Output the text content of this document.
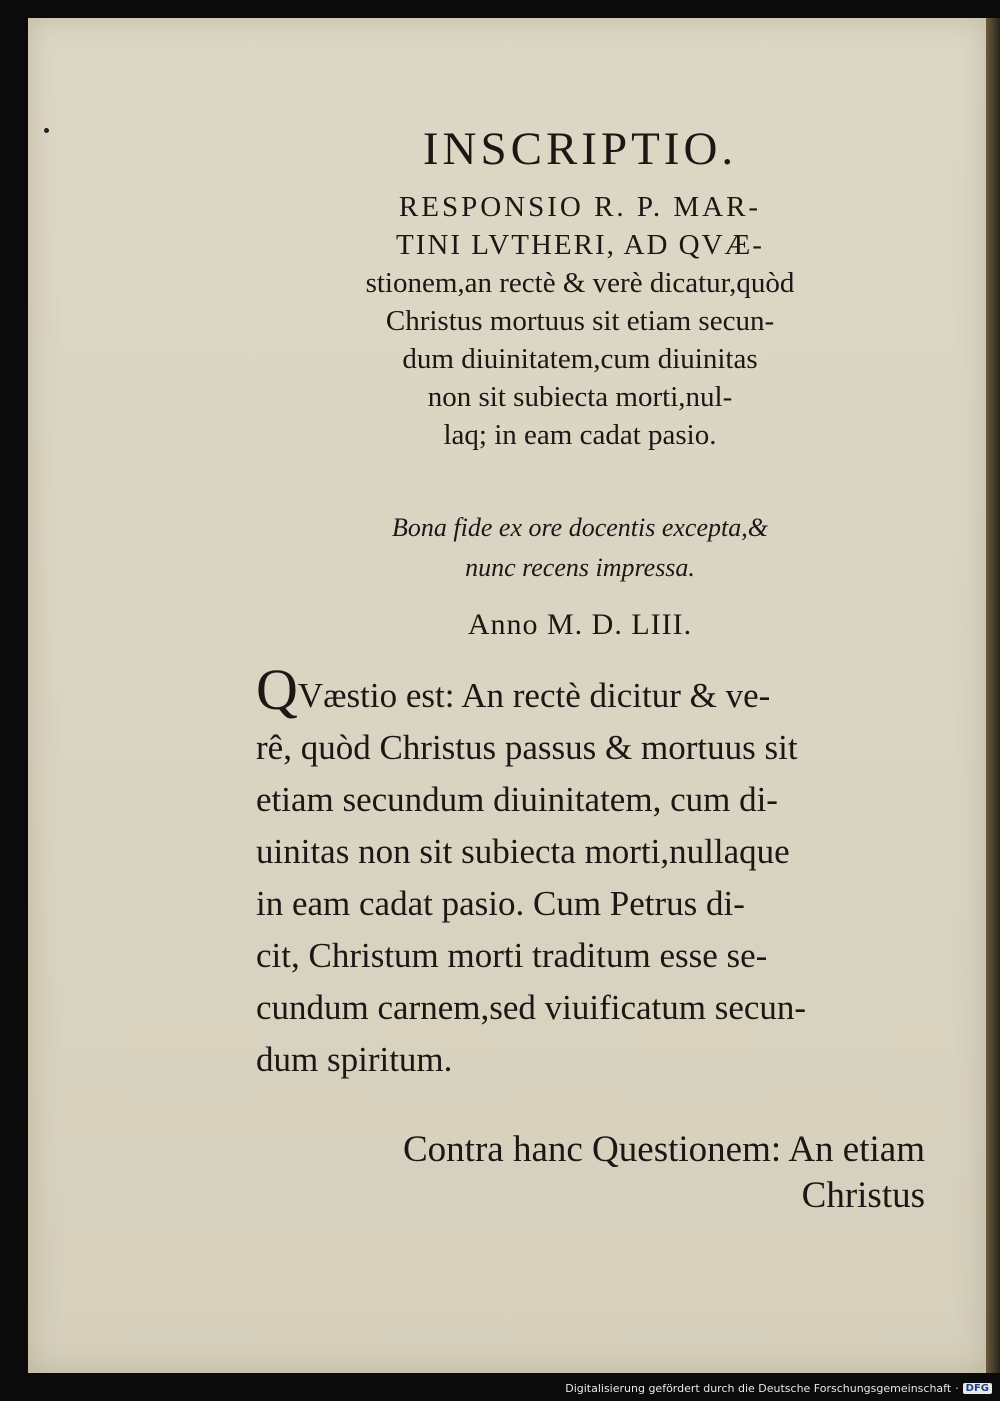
INSCRIPTIO.
RESPONSIO R. P. MAR-
TINI LVTHERI, AD QVÆ-
stionem,an rectè & verè dicatur,quòd
Christus mortuus sit etiam secun-
dum diuinitatem,cum diuinitas
non sit subiecta morti,nul-
laq; in eam cadat pasio.
Bona fide ex ore docentis excepta,&
nunc recens impressa.
Anno M. D. LIII.
QVæstio est: An rectè dicitur & ve-
rê, quòd Christus passus & mortuus sit
etiam secundum diuinitatem, cum di-
uinitas non sit subiecta morti,nullaque
in eam cadat pasio. Cum Petrus di-
cit, Christum morti traditum esse se-
cundum carnem,sed viuificatum secun-
dum spiritum.
Contra hanc Questionem: An etiam
Christus
Digitalisierung gefördert durch die Deutsche Forschungsgemeinschaft · DFG
